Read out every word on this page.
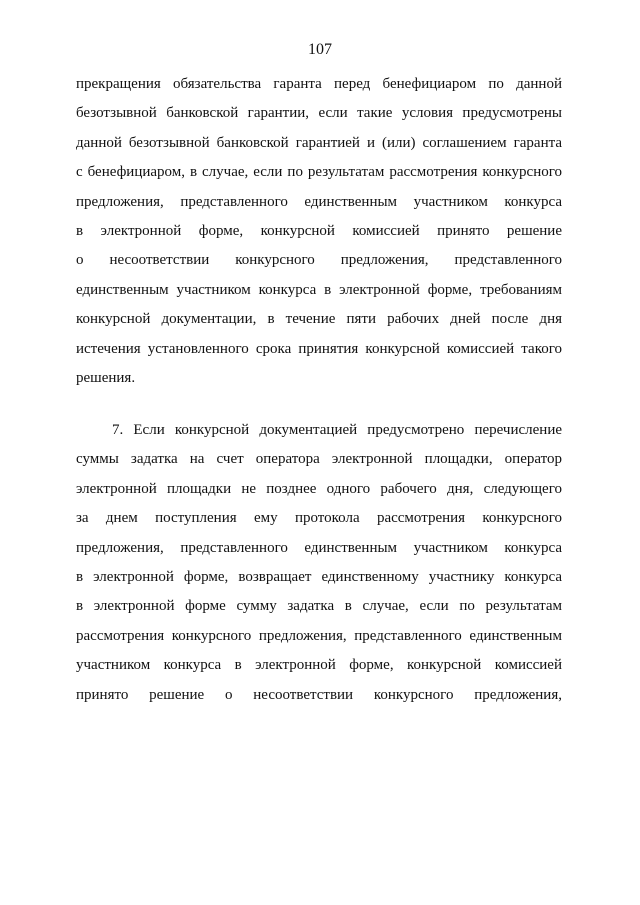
107
прекращения обязательства гаранта перед бенефициаром по данной
безотзывной банковской гарантии, если такие условия предусмотрены
данной безотзывной банковской гарантией и (или) соглашением гаранта
с бенефициаром, в случае, если по результатам рассмотрения конкурсного
предложения, представленного единственным участником конкурса
в электронной форме, конкурсной комиссией принято решение
о несоответствии конкурсного предложения, представленного
единственным участником конкурса в электронной форме, требованиям
конкурсной документации, в течение пяти рабочих дней после дня
истечения установленного срока принятия конкурсной комиссией такого
решения.
7. Если конкурсной документацией предусмотрено перечисление
суммы задатка на счет оператора электронной площадки, оператор
электронной площадки не позднее одного рабочего дня, следующего
за днем поступления ему протокола рассмотрения конкурсного
предложения, представленного единственным участником конкурса
в электронной форме, возвращает единственному участнику конкурса
в электронной форме сумму задатка в случае, если по результатам
рассмотрения конкурсного предложения, представленного единственным
участником конкурса в электронной форме, конкурсной комиссией
принято решение о несоответствии конкурсного предложения,
